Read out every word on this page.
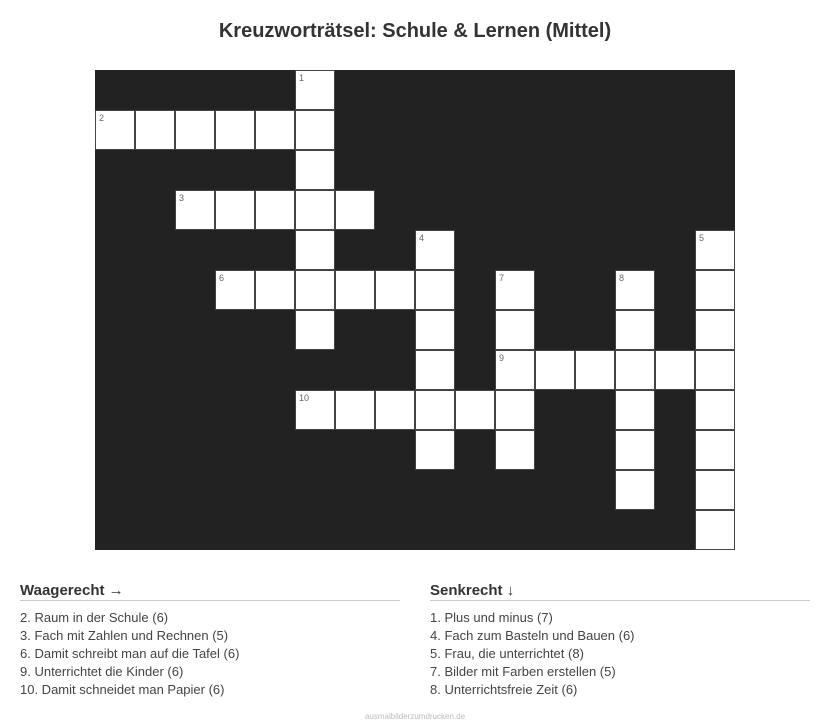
Kreuzworträtsel: Schule & Lernen (Mittel)
1
2
3
4	5
6	7	8
9
10
Waagerecht →
2. Raum in der Schule (6)
3. Fach mit Zahlen und Rechnen (5)
6. Damit schreibt man auf die Tafel (6)
9. Unterrichtet die Kinder (6)
10. Damit schneidet man Papier (6)
Senkrecht ↓
1. Plus und minus (7)
4. Fach zum Basteln und Bauen (6)
5. Frau, die unterrichtet (8)
7. Bilder mit Farben erstellen (5)
8. Unterrichtsfreie Zeit (6)
ausmalbilderzumdrucken.de
